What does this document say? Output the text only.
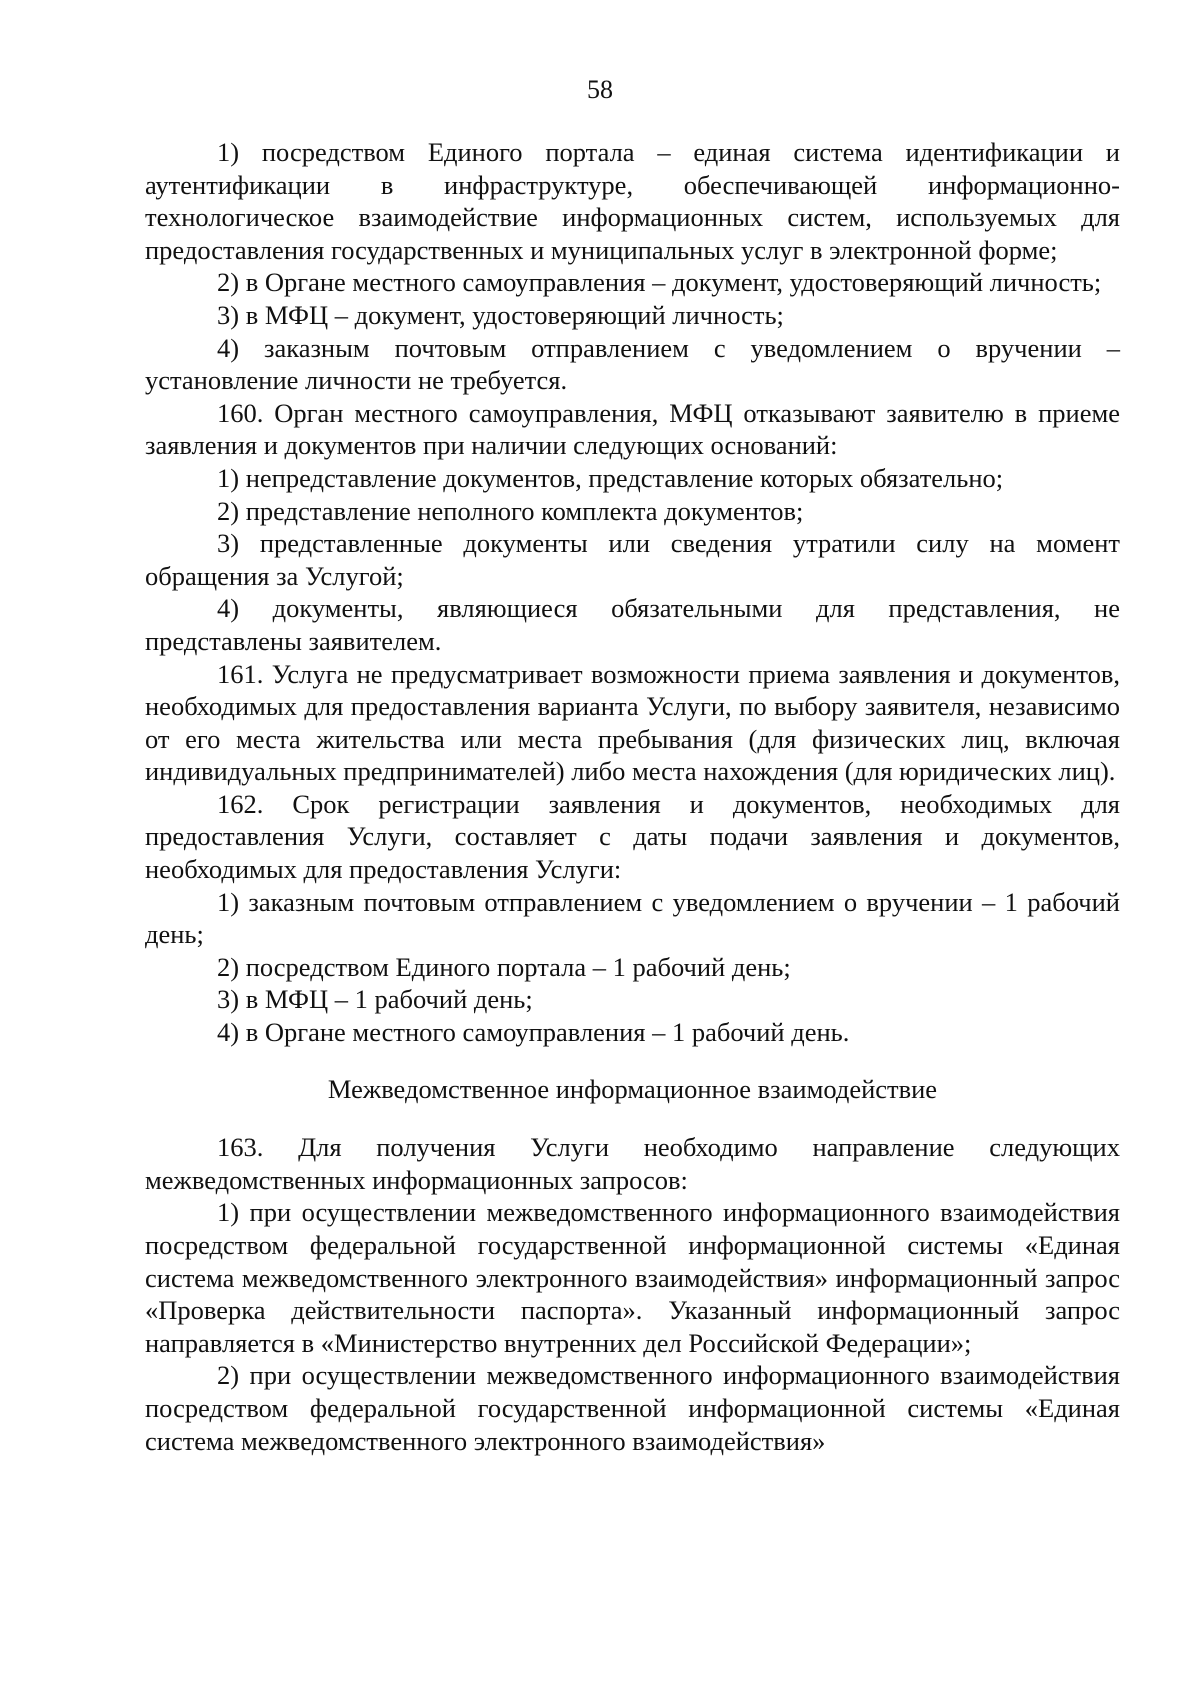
58

1) посредством Единого портала – единая система идентификации и аутентификации в инфраструктуре, обеспечивающей информационно-технологическое взаимодействие информационных систем, используемых для предоставления государственных и муниципальных услуг в электронной форме;

2) в Органе местного самоуправления – документ, удостоверяющий личность;

3) в МФЦ – документ, удостоверяющий личность;

4) заказным почтовым отправлением с уведомлением о вручении – установление личности не требуется.

160. Орган местного самоуправления, МФЦ отказывают заявителю в приеме заявления и документов при наличии следующих оснований:

1) непредставление документов, представление которых обязательно;

2) представление неполного комплекта документов;

3) представленные документы или сведения утратили силу на момент обращения за Услугой;

4) документы, являющиеся обязательными для представления, не представлены заявителем.

161. Услуга не предусматривает возможности приема заявления и документов, необходимых для предоставления варианта Услуги, по выбору заявителя, независимо от его места жительства или места пребывания (для физических лиц, включая индивидуальных предпринимателей) либо места нахождения (для юридических лиц).

162. Срок регистрации заявления и документов, необходимых для предоставления Услуги, составляет с даты подачи заявления и документов, необходимых для предоставления Услуги:

1) заказным почтовым отправлением с уведомлением о вручении – 1 рабочий день;

2) посредством Единого портала – 1 рабочий день;

3) в МФЦ – 1 рабочий день;

4) в Органе местного самоуправления – 1 рабочий день.

Межведомственное информационное взаимодействие

163. Для получения Услуги необходимо направление следующих межведомственных информационных запросов:

1) при осуществлении межведомственного информационного взаимодействия посредством федеральной государственной информационной системы «Единая система межведомственного электронного взаимодействия» информационный запрос «Проверка действительности паспорта». Указанный информационный запрос направляется в «Министерство внутренних дел Российской Федерации»;

2) при осуществлении межведомственного информационного взаимодействия посредством федеральной государственной информационной системы «Единая система межведомственного электронного взаимодействия»
